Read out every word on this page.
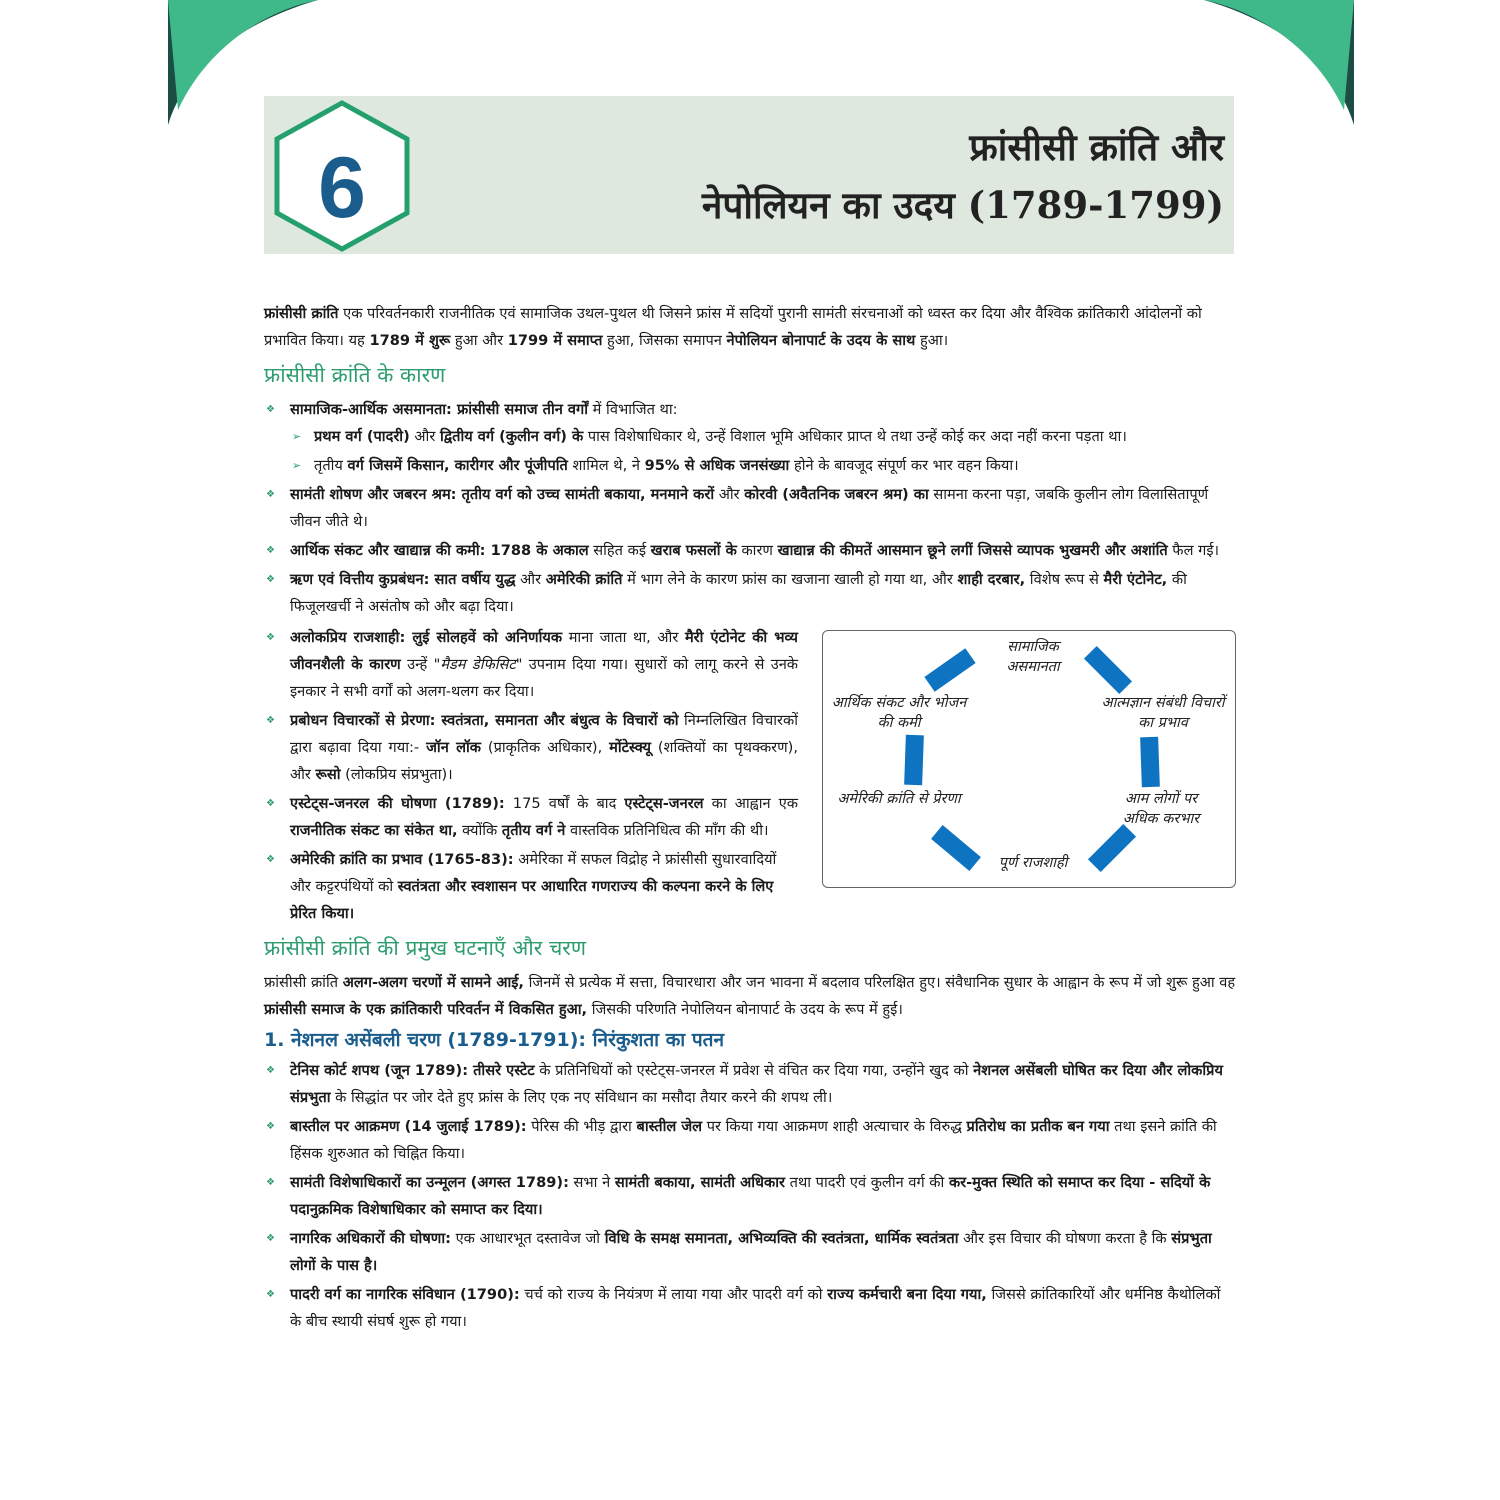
6	फ्रांसीसी क्रांति और
नेपोलियन का उदय (1789-1799)

फ्रांसीसी क्रांति एक परिवर्तनकारी राजनीतिक एवं सामाजिक उथल-पुथल थी जिसने फ्रांस में सदियों पुरानी सामंती संरचनाओं को ध्वस्त कर दिया और वैश्विक क्रांतिकारी आंदोलनों को प्रभावित किया। यह 1789 में शुरू हुआ और 1799 में समाप्त हुआ, जिसका समापन नेपोलियन बोनापार्ट के उदय के साथ हुआ।

फ्रांसीसी क्रांति के कारण
❖ सामाजिक-आर्थिक असमानता: फ्रांसीसी समाज तीन वर्गों में विभाजित था:
➢ प्रथम वर्ग (पादरी) और द्वितीय वर्ग (कुलीन वर्ग) के पास विशेषाधिकार थे, उन्हें विशाल भूमि अधिकार प्राप्त थे तथा उन्हें कोई कर अदा नहीं करना पड़ता था।
➢ तृतीय वर्ग जिसमें किसान, कारीगर और पूंजीपति शामिल थे, ने 95% से अधिक जनसंख्या होने के बावजूद संपूर्ण कर भार वहन किया।
❖ सामंती शोषण और जबरन श्रम: तृतीय वर्ग को उच्च सामंती बकाया, मनमाने करों और कोरवी (अवैतनिक जबरन श्रम) का सामना करना पड़ा, जबकि कुलीन लोग विलासितापूर्ण जीवन जीते थे।
❖ आर्थिक संकट और खाद्यान्न की कमी: 1788 के अकाल सहित कई खराब फसलों के कारण खाद्यान्न की कीमतें आसमान छूने लगीं जिससे व्यापक भुखमरी और अशांति फैल गई।
❖ ऋण एवं वित्तीय कुप्रबंधन: सात वर्षीय युद्ध और अमेरिकी क्रांति में भाग लेने के कारण फ्रांस का खजाना खाली हो गया था, और शाही दरबार, विशेष रूप से मैरी एंटोनेट, की फिजूलखर्ची ने असंतोष को और बढ़ा दिया।
सामाजिक असमानता
आत्मज्ञान संबंधी विचारों का प्रभाव
आम लोगों पर अधिक करभार
पूर्ण राजशाही
अमेरिकी क्रांति से प्रेरणा
आर्थिक संकट और भोजन की कमी
❖ अलोकप्रिय राजशाही: लुई सोलहवें को अनिर्णायक माना जाता था, और मैरी एंटोनेट की भव्य जीवनशैली के कारण उन्हें "मैडम डेफिसिट" उपनाम दिया गया। सुधारों को लागू करने से उनके इनकार ने सभी वर्गों को अलग-थलग कर दिया।
❖ प्रबोधन विचारकों से प्रेरणा: स्वतंत्रता, समानता और बंधुत्व के विचारों को निम्नलिखित विचारकों द्वारा बढ़ावा दिया गया:- जॉन लॉक (प्राकृतिक अधिकार), मोंटेस्क्यू (शक्तियों का पृथक्करण), और रूसो (लोकप्रिय संप्रभुता)।
❖ एस्टेट्स-जनरल की घोषणा (1789): 175 वर्षों के बाद एस्टेट्स-जनरल का आह्वान एक राजनीतिक संकट का संकेत था, क्योंकि तृतीय वर्ग ने वास्तविक प्रतिनिधित्व की माँग की थी।
❖ अमेरिकी क्रांति का प्रभाव (1765-83): अमेरिका में सफल विद्रोह ने फ्रांसीसी सुधारवादियों और कट्टरपंथियों को स्वतंत्रता और स्वशासन पर आधारित गणराज्य की कल्पना करने के लिए प्रेरित किया।
फ्रांसीसी क्रांति की प्रमुख घटनाएँ और चरण

फ्रांसीसी क्रांति अलग-अलग चरणों में सामने आई, जिनमें से प्रत्येक में सत्ता, विचारधारा और जन भावना में बदलाव परिलक्षित हुए। संवैधानिक सुधार के आह्वान के रूप में जो शुरू हुआ वह फ्रांसीसी समाज के एक क्रांतिकारी परिवर्तन में विकसित हुआ, जिसकी परिणति नेपोलियन बोनापार्ट के उदय के रूप में हुई।

1. नेशनल असेंबली चरण (1789-1791): निरंकुशता का पतन
❖ टेनिस कोर्ट शपथ (जून 1789): तीसरे एस्टेट के प्रतिनिधियों को एस्टेट्स-जनरल में प्रवेश से वंचित कर दिया गया, उन्होंने खुद को नेशनल असेंबली घोषित कर दिया और लोकप्रिय संप्रभुता के सिद्धांत पर जोर देते हुए फ्रांस के लिए एक नए संविधान का मसौदा तैयार करने की शपथ ली।
❖ बास्तील पर आक्रमण (14 जुलाई 1789): पेरिस की भीड़ द्वारा बास्तील जेल पर किया गया आक्रमण शाही अत्याचार के विरुद्ध प्रतिरोध का प्रतीक बन गया तथा इसने क्रांति की हिंसक शुरुआत को चिह्नित किया।
❖ सामंती विशेषाधिकारों का उन्मूलन (अगस्त 1789): सभा ने सामंती बकाया, सामंती अधिकार तथा पादरी एवं कुलीन वर्ग की कर-मुक्त स्थिति को समाप्त कर दिया - सदियों के पदानुक्रमिक विशेषाधिकार को समाप्त कर दिया।
❖ नागरिक अधिकारों की घोषणा: एक आधारभूत दस्तावेज जो विधि के समक्ष समानता, अभिव्यक्ति की स्वतंत्रता, धार्मिक स्वतंत्रता और इस विचार की घोषणा करता है कि संप्रभुता लोगों के पास है।
❖ पादरी वर्ग का नागरिक संविधान (1790): चर्च को राज्य के नियंत्रण में लाया गया और पादरी वर्ग को राज्य कर्मचारी बना दिया गया, जिससे क्रांतिकारियों और धर्मनिष्ठ कैथोलिकों के बीच स्थायी संघर्ष शुरू हो गया।
